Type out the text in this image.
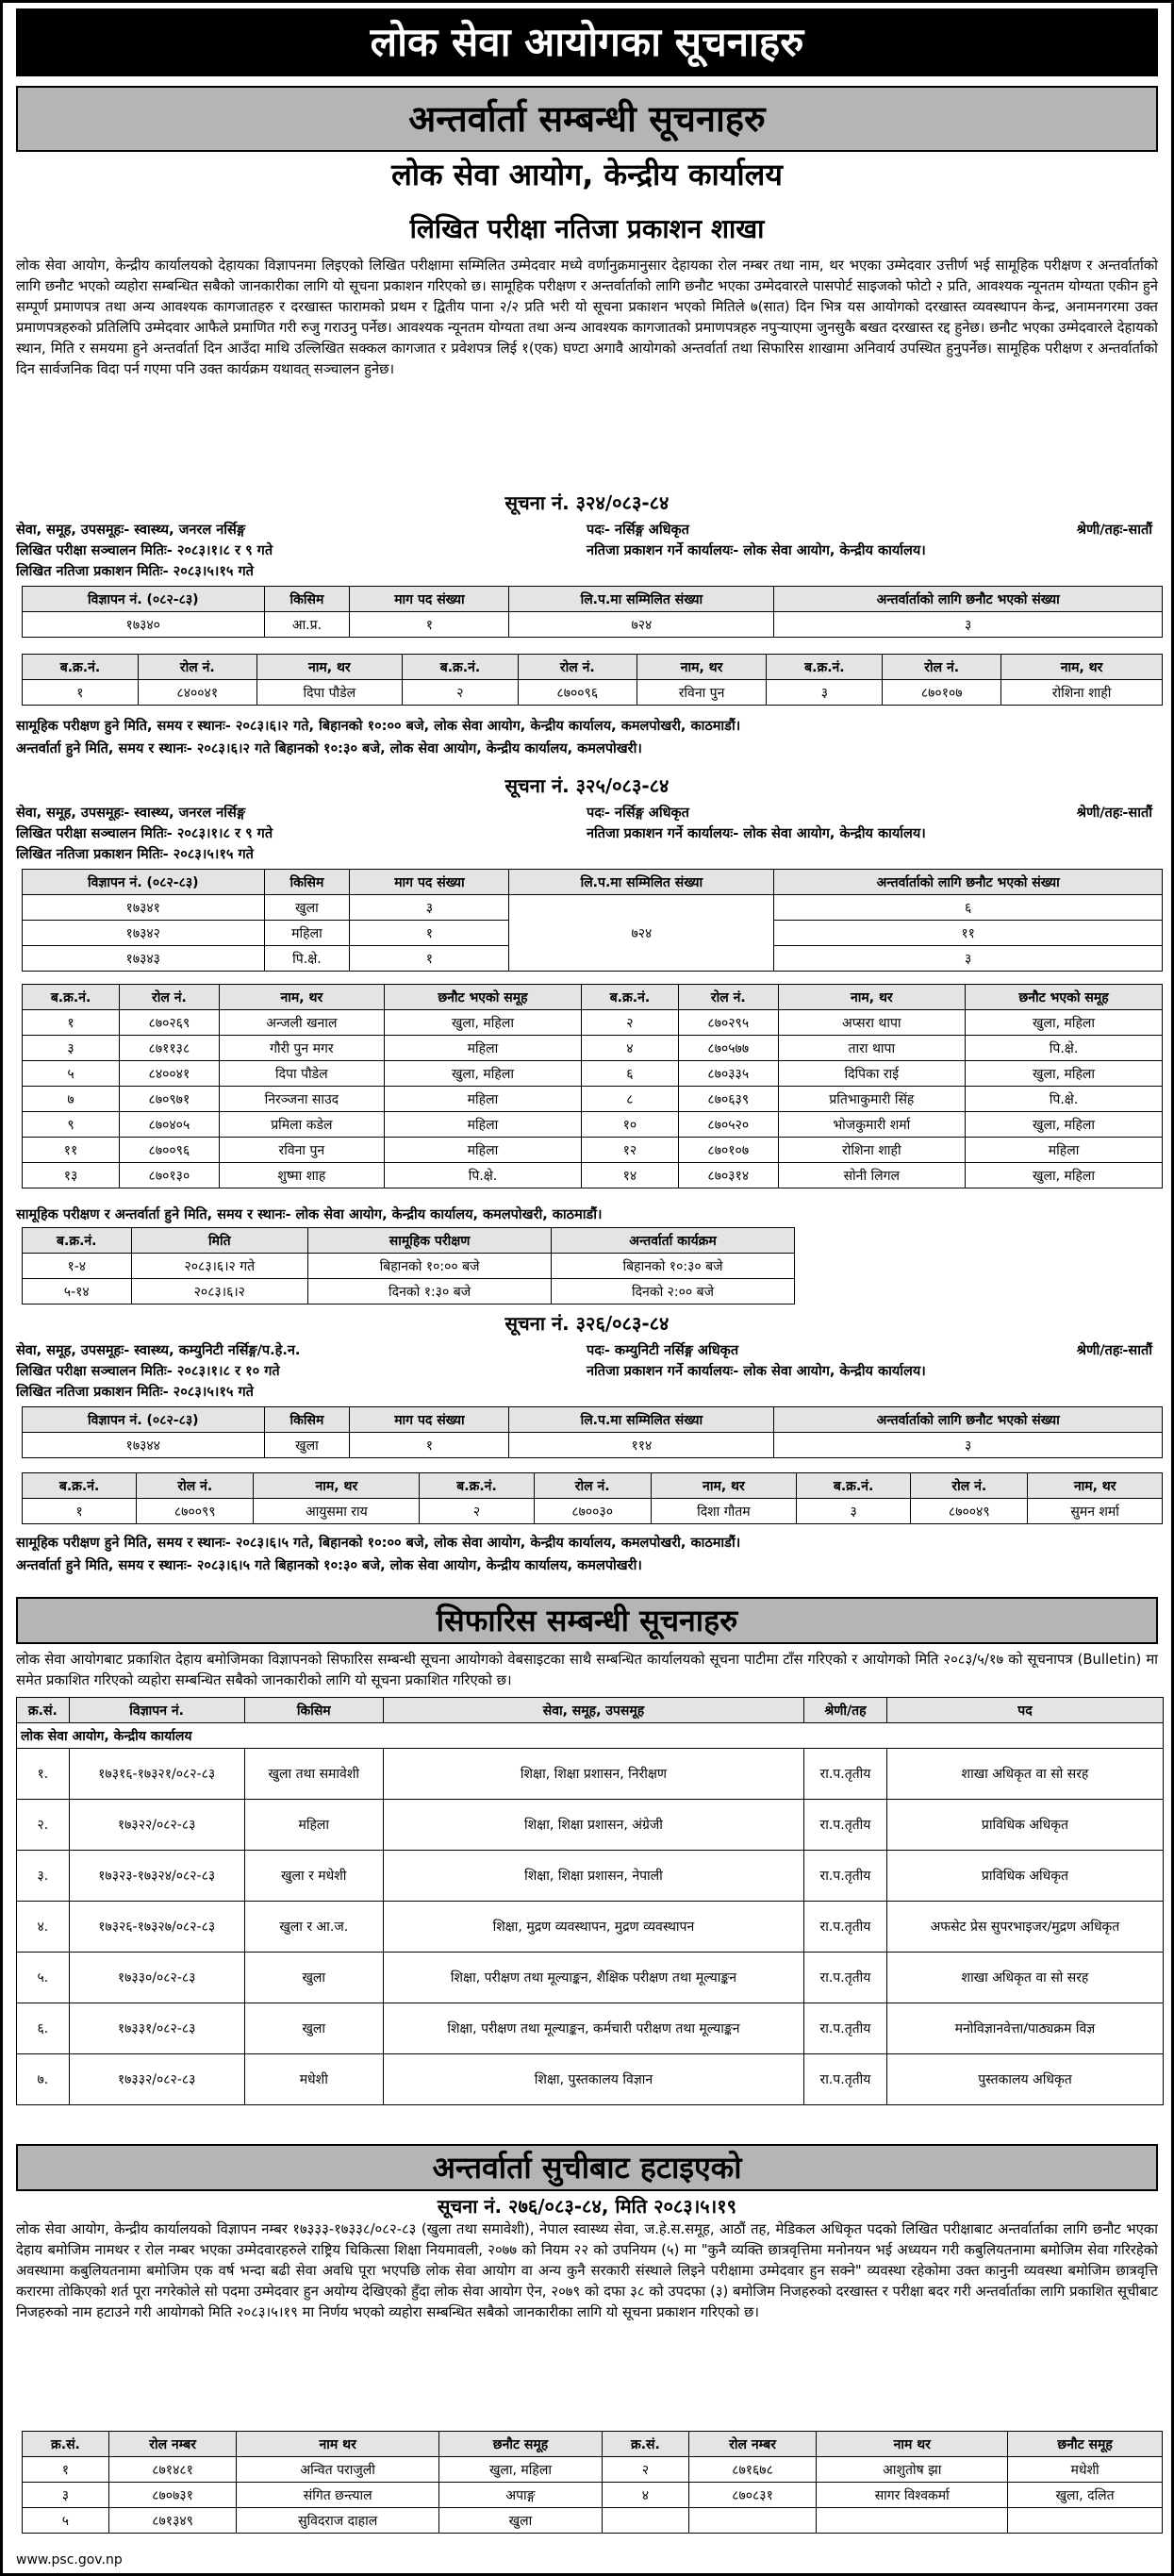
लोक सेवा आयोगका सूचनाहरु
अन्तर्वार्ता सम्बन्धी सूचनाहरु
लोक सेवा आयोग, केन्द्रीय कार्यालय
लिखित परीक्षा नतिजा प्रकाशन शाखा
लोक सेवा आयोग, केन्द्रीय कार्यालयको देहायका विज्ञापनमा लिइएको लिखित परीक्षामा सम्मिलित उम्मेदवार मध्ये वर्णानुक्रमानुसार देहायका रोल नम्बर तथा नाम, थर भएका उम्मेदवार उत्तीर्ण भई सामूहिक परीक्षण र अन्तर्वार्ताको लागि छनौट भएको व्यहोरा सम्बन्धित सबैको जानकारीका लागि यो सूचना प्रकाशन गरिएको छ। सामूहिक परीक्षण र अन्तर्वार्ताको लागि छनौट भएका उम्मेदवारले पासपोर्ट साइजको फोटो २ प्रति, आवश्यक न्यूनतम योग्यता एकीन हुने सम्पूर्ण प्रमाणपत्र तथा अन्य आवश्यक कागजातहरु र दरखास्त फारामको प्रथम र द्वितीय पाना २/२ प्रति भरी यो सूचना प्रकाशन भएको मितिले ७(सात) दिन भित्र यस आयोगको दरखास्त व्यवस्थापन केन्द्र, अनामनगरमा उक्त प्रमाणपत्रहरुको प्रतिलिपि उम्मेदवार आफैले प्रमाणित गरी रुजु गराउनु पर्नेछ। आवश्यक न्यूनतम योग्यता तथा अन्य आवश्यक कागजातको प्रमाणपत्रहरु नपुऱ्याएमा जुनसुकै बखत दरखास्त रद्द हुनेछ। छनौट भएका उम्मेदवारले देहायको स्थान, मिति र समयमा हुने अन्तर्वार्ता दिन आउँदा माथि उल्लिखित सक्कल कागजात र प्रवेशपत्र लिई १(एक) घण्टा अगावै आयोगको अन्तर्वार्ता तथा सिफारिस शाखामा अनिवार्य उपस्थित हुनुपर्नेछ। सामूहिक परीक्षण र अन्तर्वार्ताको दिन सार्वजनिक विदा पर्न गएमा पनि उक्त कार्यक्रम यथावत् सञ्चालन हुनेछ।
सूचना नं. ३२४/०८३-८४
सेवा, समूह, उपसमूहः- स्वास्थ्य, जनरल नर्सिङ्ग	पदः- नर्सिङ्ग अधिकृत	श्रेणी/तहः-सातौं
लिखित परीक्षा सञ्चालन मितिः- २०८३।१।८ र ९ गते	नतिजा प्रकाशन गर्ने कार्यालयः- लोक सेवा आयोग, केन्द्रीय कार्यालय।
लिखित नतिजा प्रकाशन मितिः- २०८३।५।१५ गते
विज्ञापन नं. (०८२-८३)	किसिम	माग पद संख्या	लि.प.मा सम्मिलित संख्या	अन्तर्वार्ताको लागि छनौट भएको संख्या
१७३४०	आ.प्र.	१	७२४	३
ब.क्र.नं.	रोल नं.	नाम, थर	ब.क्र.नं.	रोल नं.	नाम, थर	ब.क्र.नं.	रोल नं.	नाम, थर
१	८४००४१	दिपा पौडेल	२	८७००९६	रविना पुन	३	८७०१०७	रोशिना शाही
सामूहिक परीक्षण हुने मिति, समय र स्थानः- २०८३।६।२ गते, बिहानको १०:०० बजे, लोक सेवा आयोग, केन्द्रीय कार्यालय, कमलपोखरी, काठमाडौं।
अन्तर्वार्ता हुने मिति, समय र स्थानः- २०८३।६।२ गते बिहानको १०:३० बजे, लोक सेवा आयोग, केन्द्रीय कार्यालय, कमलपोखरी।
सूचना नं. ३२५/०८३-८४
सेवा, समूह, उपसमूहः- स्वास्थ्य, जनरल नर्सिङ्ग	पदः- नर्सिङ्ग अधिकृत	श्रेणी/तहः-सातौं
लिखित परीक्षा सञ्चालन मितिः- २०८३।१।८ र ९ गते	नतिजा प्रकाशन गर्ने कार्यालयः- लोक सेवा आयोग, केन्द्रीय कार्यालय।
लिखित नतिजा प्रकाशन मितिः- २०८३।५।१५ गते
विज्ञापन नं. (०८२-८३)	किसिम	माग पद संख्या	लि.प.मा सम्मिलित संख्या	अन्तर्वार्ताको लागि छनौट भएको संख्या
१७३४१	खुला	३	७२४	६
१७३४२	महिला	१		११
१७३४३	पि.क्षे.	१		३
ब.क्र.नं.	रोल नं.	नाम, थर	छनौट भएको समूह	ब.क्र.नं.	रोल नं.	नाम, थर	छनौट भएको समूह
१	८७०२६९	अन्जली खनाल	खुला, महिला	२	८७०२९५	अप्सरा थापा	खुला, महिला
३	८७११३८	गौरी पुन मगर	महिला	४	८७०५७७	तारा थापा	पि.क्षे.
५	८४००४१	दिपा पौडेल	खुला, महिला	६	८७०३३५	दिपिका राई	खुला, महिला
७	८७०९७१	निरञ्जना साउद	महिला	८	८७०६३९	प्रतिभाकुमारी सिंह	पि.क्षे.
९	८७०४०५	प्रमिला कडेल	महिला	१०	८७०५२०	भोजकुमारी शर्मा	खुला, महिला
११	८७००९६	रविना पुन	महिला	१२	८७०१०७	रोशिना शाही	महिला
१३	८७०१३०	शुष्मा शाह	पि.क्षे.	१४	८७०३१४	सोनी लिगल	खुला, महिला
सामूहिक परीक्षण र अन्तर्वार्ता हुने मिति, समय र स्थानः- लोक सेवा आयोग, केन्द्रीय कार्यालय, कमलपोखरी, काठमाडौं।
ब.क्र.नं.	मिति	सामूहिक परीक्षण	अन्तर्वार्ता कार्यक्रम
१-४	२०८३।६।२ गते	बिहानको १०:०० बजे	बिहानको १०:३० बजे
५-१४	२०८३।६।२	दिनको १:३० बजे	दिनको २:०० बजे
सूचना नं. ३२६/०८३-८४
सेवा, समूह, उपसमूहः- स्वास्थ्य, कम्युनिटी नर्सिङ्ग/प.हे.न.	पदः- कम्युनिटी नर्सिङ्ग अधिकृत	श्रेणी/तहः-सातौं
लिखित परीक्षा सञ्चालन मितिः- २०८३।१।८ र १० गते	नतिजा प्रकाशन गर्ने कार्यालयः- लोक सेवा आयोग, केन्द्रीय कार्यालय।
लिखित नतिजा प्रकाशन मितिः- २०८३।५।१५ गते
विज्ञापन नं. (०८२-८३)	किसिम	माग पद संख्या	लि.प.मा सम्मिलित संख्या	अन्तर्वार्ताको लागि छनौट भएको संख्या
१७३४४	खुला	१	११४	३
ब.क्र.नं.	रोल नं.	नाम, थर	ब.क्र.नं.	रोल नं.	नाम, थर	ब.क्र.नं.	रोल नं.	नाम, थर
१	८७००९९	आयुसमा राय	२	८७००३०	दिशा गौतम	३	८७००४९	सुमन शर्मा
सामूहिक परीक्षण हुने मिति, समय र स्थानः- २०८३।६।५ गते, बिहानको १०:०० बजे, लोक सेवा आयोग, केन्द्रीय कार्यालय, कमलपोखरी, काठमाडौं।
अन्तर्वार्ता हुने मिति, समय र स्थानः- २०८३।६।५ गते बिहानको १०:३० बजे, लोक सेवा आयोग, केन्द्रीय कार्यालय, कमलपोखरी।
सिफारिस सम्बन्धी सूचनाहरु
लोक सेवा आयोगबाट प्रकाशित देहाय बमोजिमका विज्ञापनको सिफारिस सम्बन्धी सूचना आयोगको वेबसाइटका साथै सम्बन्धित कार्यालयको सूचना पाटीमा टाँस गरिएको र आयोगको मिति २०८३/५/१७ को सूचनापत्र (Bulletin) मा समेत प्रकाशित गरिएको व्यहोरा सम्बन्धित सबैको जानकारीको लागि यो सूचना प्रकाशित गरिएको छ।
क्र.सं.	विज्ञापन नं.	किसिम	सेवा, समूह, उपसमूह	श्रेणी/तह	पद
लोक सेवा आयोग, केन्द्रीय कार्यालय					
१.	१७३१६-१७३२१/०८२-८३	खुला तथा समावेशी	शिक्षा, शिक्षा प्रशासन, निरीक्षण	रा.प.तृतीय	शाखा अधिकृत वा सो सरह
२.	१७३२२/०८२-८३	महिला	शिक्षा, शिक्षा प्रशासन, अंग्रेजी	रा.प.तृतीय	प्राविधिक अधिकृत
३.	१७३२३-१७३२४/०८२-८३	खुला र मधेशी	शिक्षा, शिक्षा प्रशासन, नेपाली	रा.प.तृतीय	प्राविधिक अधिकृत
४.	१७३२६-१७३२७/०८२-८३	खुला र आ.ज.	शिक्षा, मुद्रण व्यवस्थापन, मुद्रण व्यवस्थापन	रा.प.तृतीय	अफसेट प्रेस सुपरभाइजर/मुद्रण अधिकृत
५.	१७३३०/०८२-८३	खुला	शिक्षा, परीक्षण तथा मूल्याङ्कन, शैक्षिक परीक्षण तथा मूल्याङ्कन	रा.प.तृतीय	शाखा अधिकृत वा सो सरह
६.	१७३३१/०८२-८३	खुला	शिक्षा, परीक्षण तथा मूल्याङ्कन, कर्मचारी परीक्षण तथा मूल्याङ्कन	रा.प.तृतीय	मनोविज्ञानवेत्ता/पाठ्यक्रम विज्ञ
७.	१७३३२/०८२-८३	मधेशी	शिक्षा, पुस्तकालय विज्ञान	रा.प.तृतीय	पुस्तकालय अधिकृत
अन्तर्वार्ता सुचीबाट हटाइएको
सूचना नं. २७६/०८३-८४, मिति २०८३।५।१९
लोक सेवा आयोग, केन्द्रीय कार्यालयको विज्ञापन नम्बर १७३३३-१७३३८/०८२-८३ (खुला तथा समावेशी), नेपाल स्वास्थ्य सेवा, ज.हे.स.समूह, आठौं तह, मेडिकल अधिकृत पदको लिखित परीक्षाबाट अन्तर्वार्ताका लागि छनौट भएका देहाय बमोजिम नामथर र रोल नम्बर भएका उम्मेदवारहरुले राष्ट्रिय चिकित्सा शिक्षा नियमावली, २०७७ को नियम २२ को उपनियम (५) मा "कुनै व्यक्ति छात्रवृत्तिमा मनोनयन भई अध्ययन गरी कबुलियतनामा बमोजिम सेवा गरिरहेको अवस्थामा कबुलियतनामा बमोजिम एक वर्ष भन्दा बढी सेवा अवधि पूरा भएपछि लोक सेवा आयोग वा अन्य कुनै सरकारी संस्थाले लिइने परीक्षामा उम्मेदवार हुन सक्ने" व्यवस्था रहेकोमा उक्त कानुनी व्यवस्था बमोजिम छात्रवृत्ति करारमा तोकिएको शर्त पूरा नगरेकोले सो पदमा उम्मेदवार हुन अयोग्य देखिएको हुँदा लोक सेवा आयोग ऐन, २०७९ को दफा ३८ को उपदफा (३) बमोजिम निजहरुको दरखास्त र परीक्षा बदर गरी अन्तर्वार्ताका लागि प्रकाशित सूचीबाट निजहरुको नाम हटाउने गरी आयोगको मिति २०८३।५।१९ मा निर्णय भएको व्यहोरा सम्बन्धित सबैको जानकारीका लागि यो सूचना प्रकाशन गरिएको छ।
क्र.सं.	रोल नम्बर	नाम थर	छनौट समूह	क्र.सं.	रोल नम्बर	नाम थर	छनौट समूह
१	८७१४८१	अन्वित पराजुली	खुला, महिला	२	८७१६७८	आशुतोष झा	मधेशी
३	८७०७३१	संगित छन्त्याल	अपाङ्ग	४	८७०८३१	सागर विश्वकर्मा	खुला, दलित
५	८७१३४९	सुविदराज दाहाल	खुला				
www.psc.gov.np
